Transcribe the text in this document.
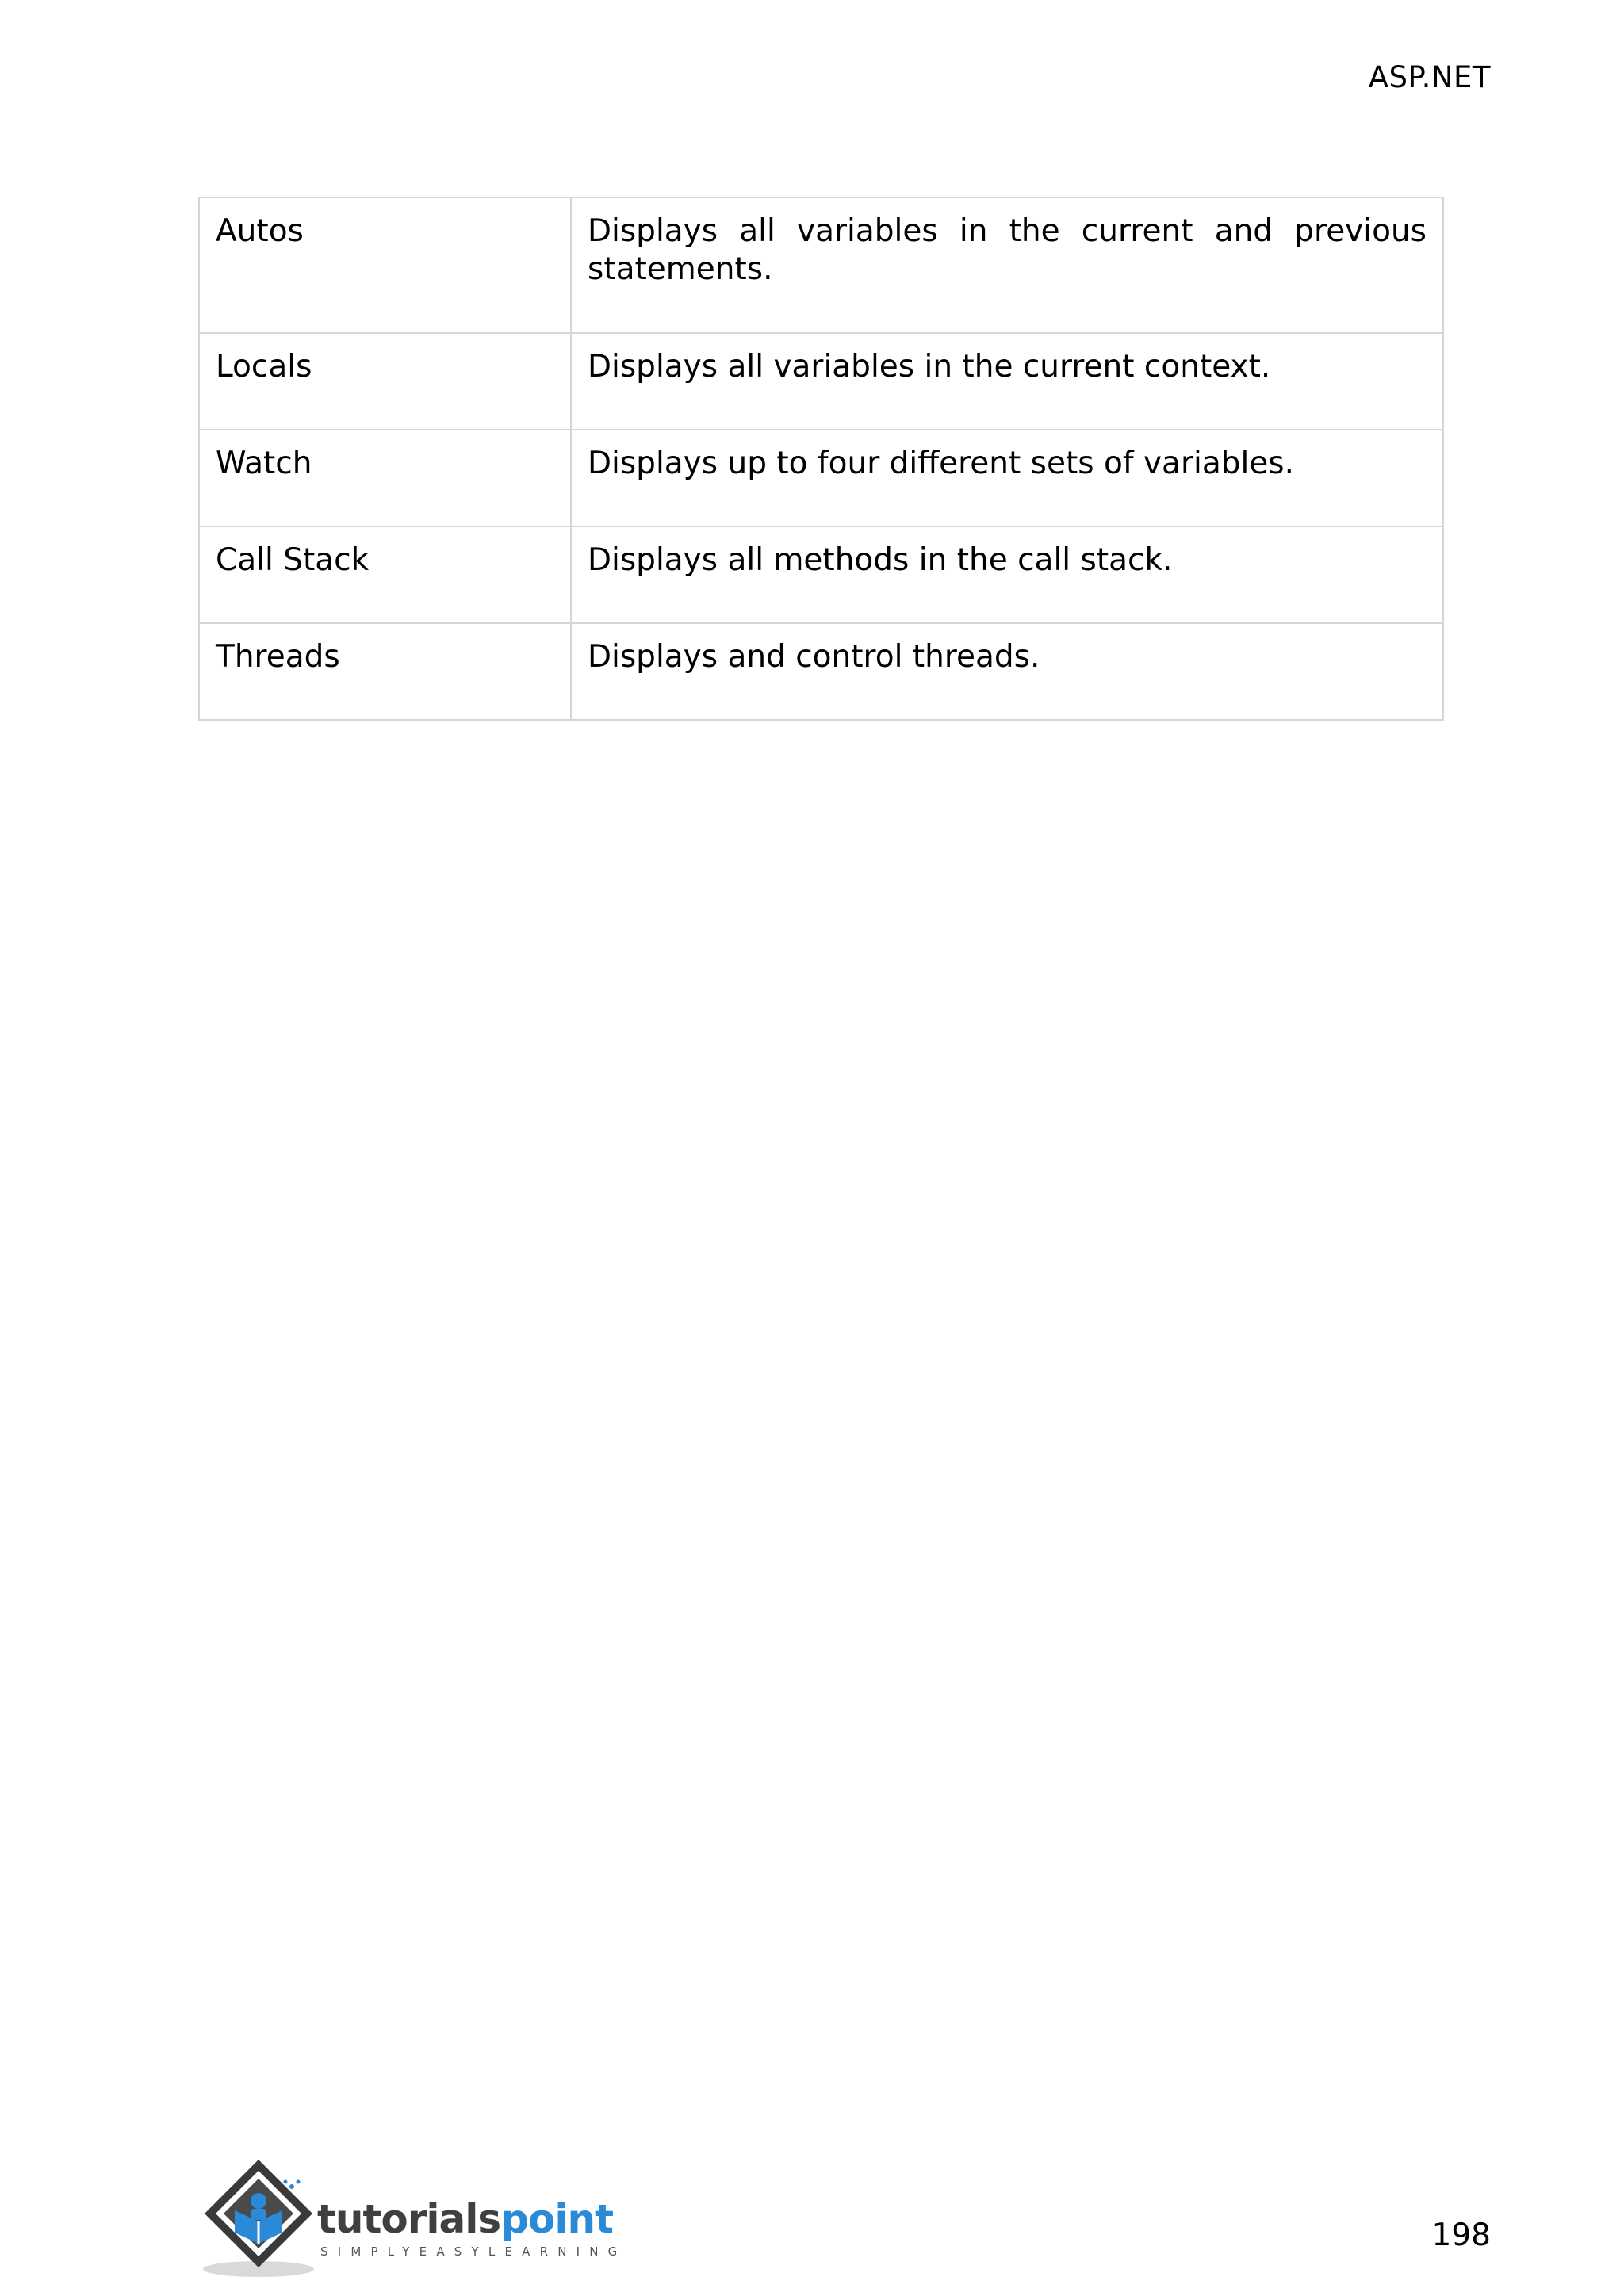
ASP.NET
Autos	Displays all variables in the current and previous statements.
Locals	Displays all variables in the current context.
Watch	Displays up to four different sets of variables.
Call Stack	Displays all methods in the call stack.
Threads	Displays and control threads.
tutorialspoint
SIMPLYEASYLEARNING	198
